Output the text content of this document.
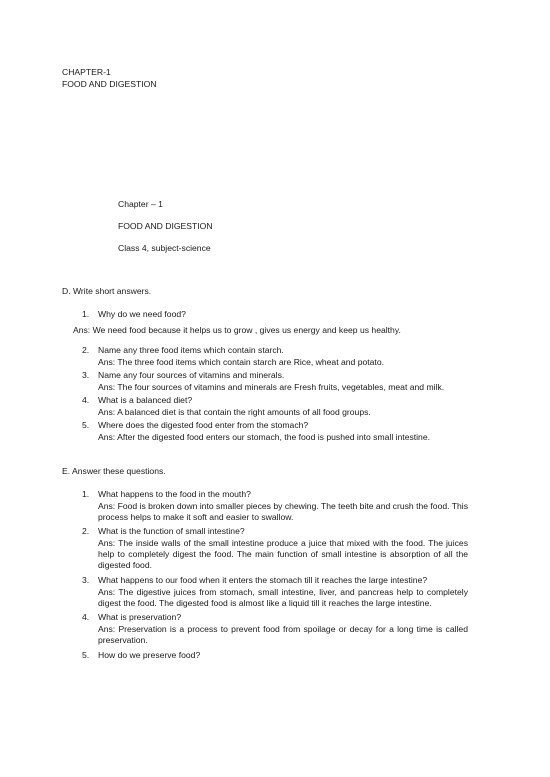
CHAPTER-1

FOOD AND DIGESTION

Chapter – 1

FOOD AND DIGESTION

Class 4, subject-science

D. Write short answers.

1. Why do we need food?

Ans: We need food because it helps us to grow , gives us energy and keep us healthy.

2. Name any three food items which contain starch.
Ans: The three food items which contain starch are Rice, wheat and potato.
3. Name any four sources of vitamins and minerals.
Ans: The four sources of vitamins and minerals are Fresh fruits, vegetables, meat and milk.
4. What is a balanced diet?
Ans: A balanced diet is that contain the right amounts of all food groups.
5. Where does the digested food enter from the stomach?
Ans: After the digested food enters our stomach, the food is pushed into small intestine.

E. Answer these questions.

1. What happens to the food in the mouth?
Ans: Food is broken down into smaller pieces by chewing. The teeth bite and crush the food. This process helps to make it soft and easier to swallow.
2. What is the function of small intestine?
Ans: The inside walls of the small intestine produce a juice that mixed with the food. The juices help to completely digest the food. The main function of small intestine is absorption of all the digested food.
3. What happens to our food when it enters the stomach till it reaches the large intestine?
Ans: The digestive juices from stomach, small intestine, liver, and pancreas help to completely digest the food. The digested food is almost like a liquid till it reaches the large intestine.
4. What is preservation?
Ans: Preservation is a process to prevent food from spoilage or decay for a long time is called preservation.
5. How do we preserve food?
